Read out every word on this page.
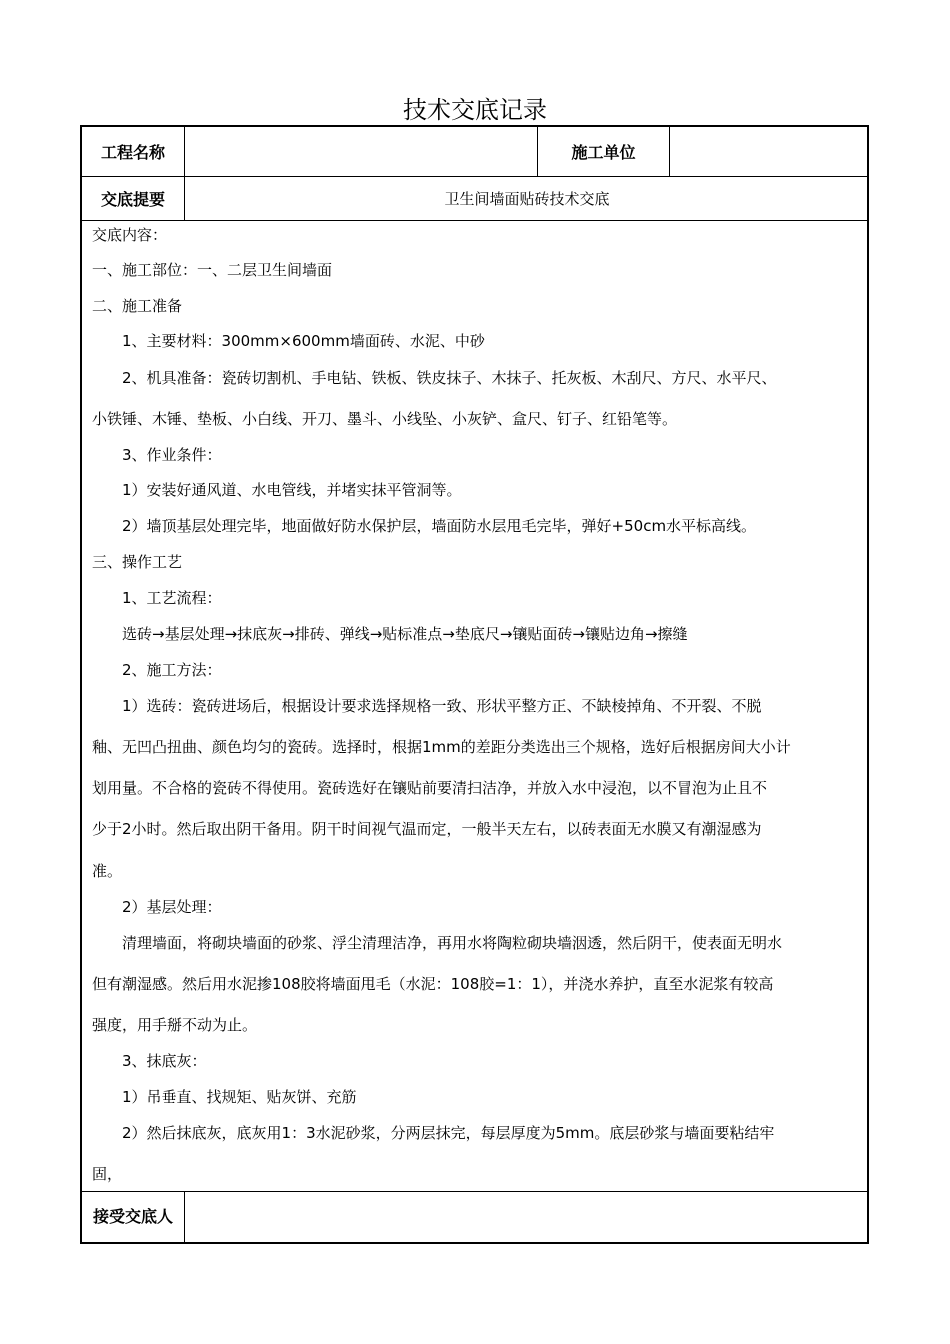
技术交底记录
工程名称	施工单位
交底提要	卫生间墙面贴砖技术交底
交底内容：
一、施工部位：一、二层卫生间墙面
二、施工准备
1、主要材料：300mm×600mm墙面砖、水泥、中砂
2、机具准备：瓷砖切割机、手电钻、铁板、铁皮抹子、木抹子、托灰板、木刮尺、方尺、水平尺、
小铁锤、木锤、垫板、小白线、开刀、墨斗、小线坠、小灰铲、盒尺、钉子、红铅笔等。
3、作业条件：
1）安装好通风道、水电管线，并堵实抹平管洞等。
2）墙顶基层处理完毕，地面做好防水保护层，墙面防水层甩毛完毕，弹好+50cm水平标高线。
三、操作工艺
1、工艺流程：
选砖→基层处理→抹底灰→排砖、弹线→贴标准点→垫底尺→镶贴面砖→镶贴边角→擦缝
2、施工方法：
1）选砖：瓷砖进场后，根据设计要求选择规格一致、形状平整方正、不缺棱掉角、不开裂、不脱
釉、无凹凸扭曲、颜色均匀的瓷砖。选择时，根据1mm的差距分类选出三个规格，选好后根据房间大小计
划用量。不合格的瓷砖不得使用。瓷砖选好在镶贴前要清扫洁净，并放入水中浸泡，以不冒泡为止且不
少于2小时。然后取出阴干备用。阴干时间视气温而定，一般半天左右，以砖表面无水膜又有潮湿感为
准。
2）基层处理：
清理墙面，将砌块墙面的砂浆、浮尘清理洁净，再用水将陶粒砌块墙洇透，然后阴干，使表面无明水
但有潮湿感。然后用水泥掺108胶将墙面甩毛（水泥：108胶=1：1），并浇水养护，直至水泥浆有较高
强度，用手掰不动为止。
3、抹底灰：
1）吊垂直、找规矩、贴灰饼、充筋
2）然后抹底灰，底灰用1：3水泥砂浆，分两层抹完，每层厚度为5mm。底层砂浆与墙面要粘结牢
固，
接受交底人
